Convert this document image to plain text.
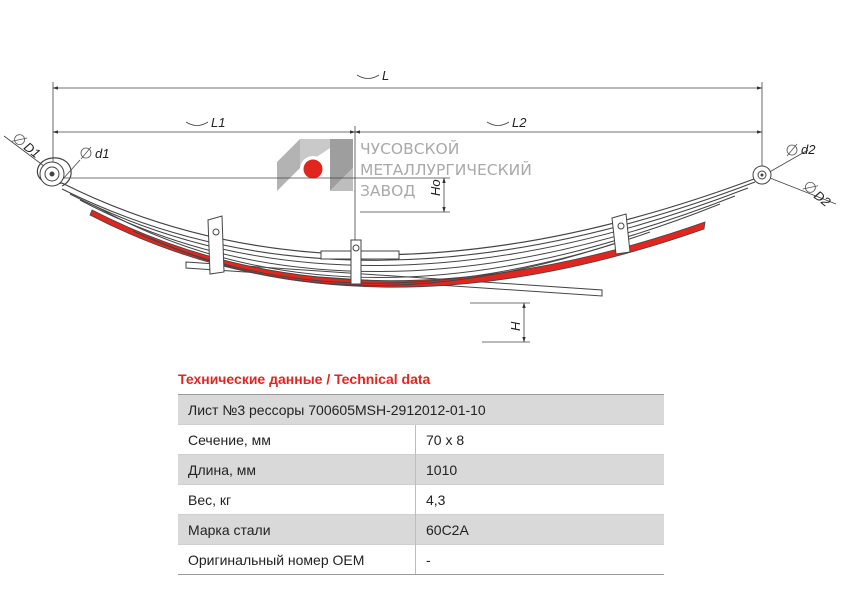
ЧУСОВСКОЙ
МЕТАЛЛУРГИЧЕСКИЙ
ЗАВОД
L
L1	L2
D1	d1	d2
D2
Ho
H
Технические данные / Technical data
Лист №3 рессоры 700605MSH-2912012-01-10	
Сечение, мм	70 х 8
Длина, мм	1010
Вес, кг	4,3
Марка стали	60С2А
Оригинальный номер OEM	-
